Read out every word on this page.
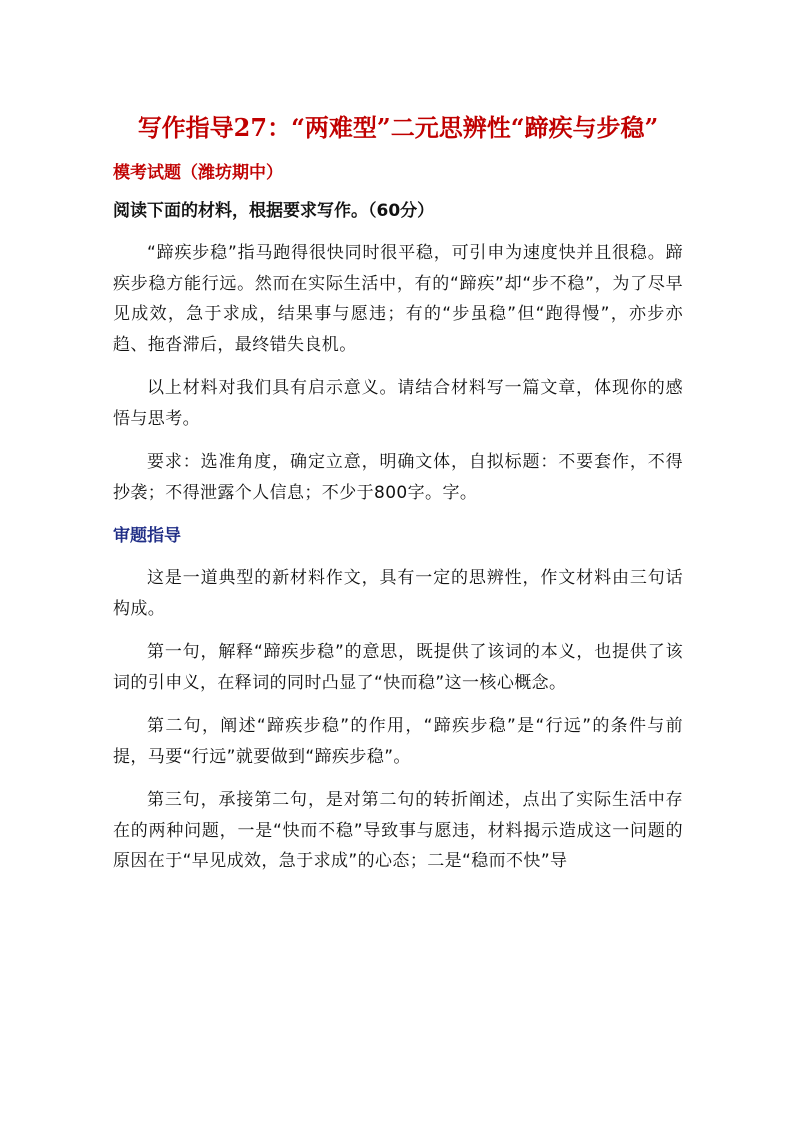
写作指导27：“两难型”二元思辨性“蹄疾与步稳”
模考试题（潍坊期中）
阅读下面的材料，根据要求写作。（60分）

“蹄疾步稳”指马跑得很快同时很平稳，可引申为速度快并且很稳。蹄疾步稳方能行远。然而在实际生活中，有的“蹄疾”却“步不稳”，为了尽早见成效，急于求成，结果事与愿违；有的“步虽稳”但“跑得慢”，亦步亦趋、拖沓滞后，最终错失良机。

以上材料对我们具有启示意义。请结合材料写一篇文章，体现你的感悟与思考。

要求：选准角度，确定立意，明确文体，自拟标题：不要套作，不得抄袭；不得泄露个人信息；不少于800字。字。

审题指导

这是一道典型的新材料作文，具有一定的思辨性，作文材料由三句话构成。

第一句，解释“蹄疾步稳”的意思，既提供了该词的本义，也提供了该词的引申义，在释词的同时凸显了“快而稳”这一核心概念。

第二句，阐述“蹄疾步稳”的作用，“蹄疾步稳”是“行远”的条件与前提，马要“行远”就要做到“蹄疾步稳”。

第三句，承接第二句，是对第二句的转折阐述，点出了实际生活中存在的两种问题，一是“快而不稳”导致事与愿违，材料揭示造成这一问题的原因在于“早见成效，急于求成”的心态；二是“稳而不快”导
